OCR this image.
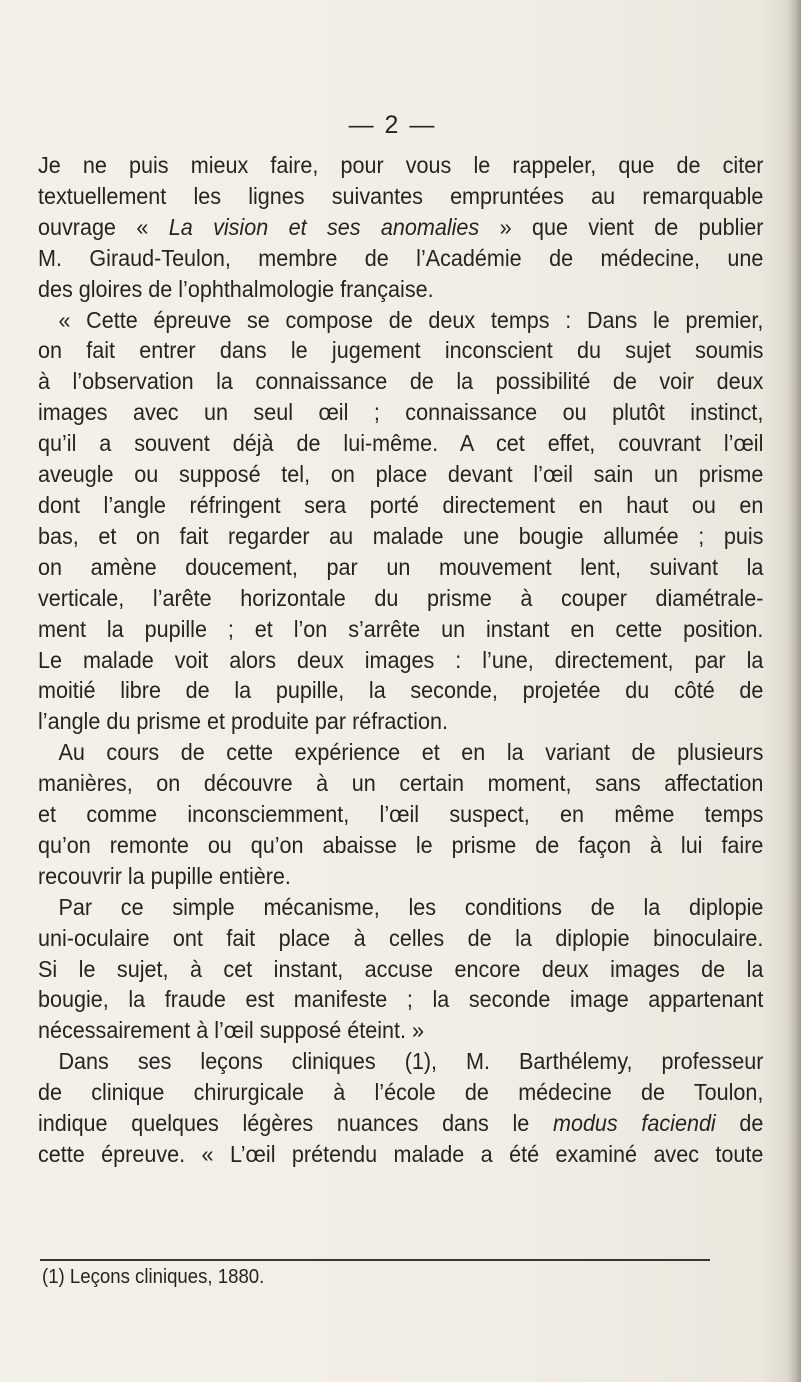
— 2 —

Je ne puis mieux faire, pour vous le rappeler, que de citer
textuellement les lignes suivantes empruntées au remarquable
ouvrage « La vision et ses anomalies » que vient de publier
M. Giraud-Teulon, membre de l’Académie de médecine, une
des gloires de l’ophthalmologie française.

« Cette épreuve se compose de deux temps : Dans le premier,
on fait entrer dans le jugement inconscient du sujet soumis
à l’observation la connaissance de la possibilité de voir deux
images avec un seul œil ; connaissance ou plutôt instinct,
qu’il a souvent déjà de lui-même. A cet effet, couvrant l’œil
aveugle ou supposé tel, on place devant l’œil sain un prisme
dont l’angle réfringent sera porté directement en haut ou en
bas, et on fait regarder au malade une bougie allumée ; puis
on amène doucement, par un mouvement lent, suivant la
verticale, l’arête horizontale du prisme à couper diamétrale-
ment la pupille ; et l’on s’arrête un instant en cette position.
Le malade voit alors deux images : l’une, directement, par la
moitié libre de la pupille, la seconde, projetée du côté de
l’angle du prisme et produite par réfraction.

Au cours de cette expérience et en la variant de plusieurs
manières, on découvre à un certain moment, sans affectation
et comme inconsciemment, l’œil suspect, en même temps
qu’on remonte ou qu’on abaisse le prisme de façon à lui faire
recouvrir la pupille entière.

Par ce simple mécanisme, les conditions de la diplopie
uni-oculaire ont fait place à celles de la diplopie binoculaire.
Si le sujet, à cet instant, accuse encore deux images de la
bougie, la fraude est manifeste ; la seconde image appartenant
nécessairement à l’œil supposé éteint. »

Dans ses leçons cliniques (1), M. Barthélemy, professeur
de clinique chirurgicale à l’école de médecine de Toulon,
indique quelques légères nuances dans le modus faciendi de
cette épreuve. « L’œil prétendu malade a été examiné avec toute

(1) Leçons cliniques, 1880.
